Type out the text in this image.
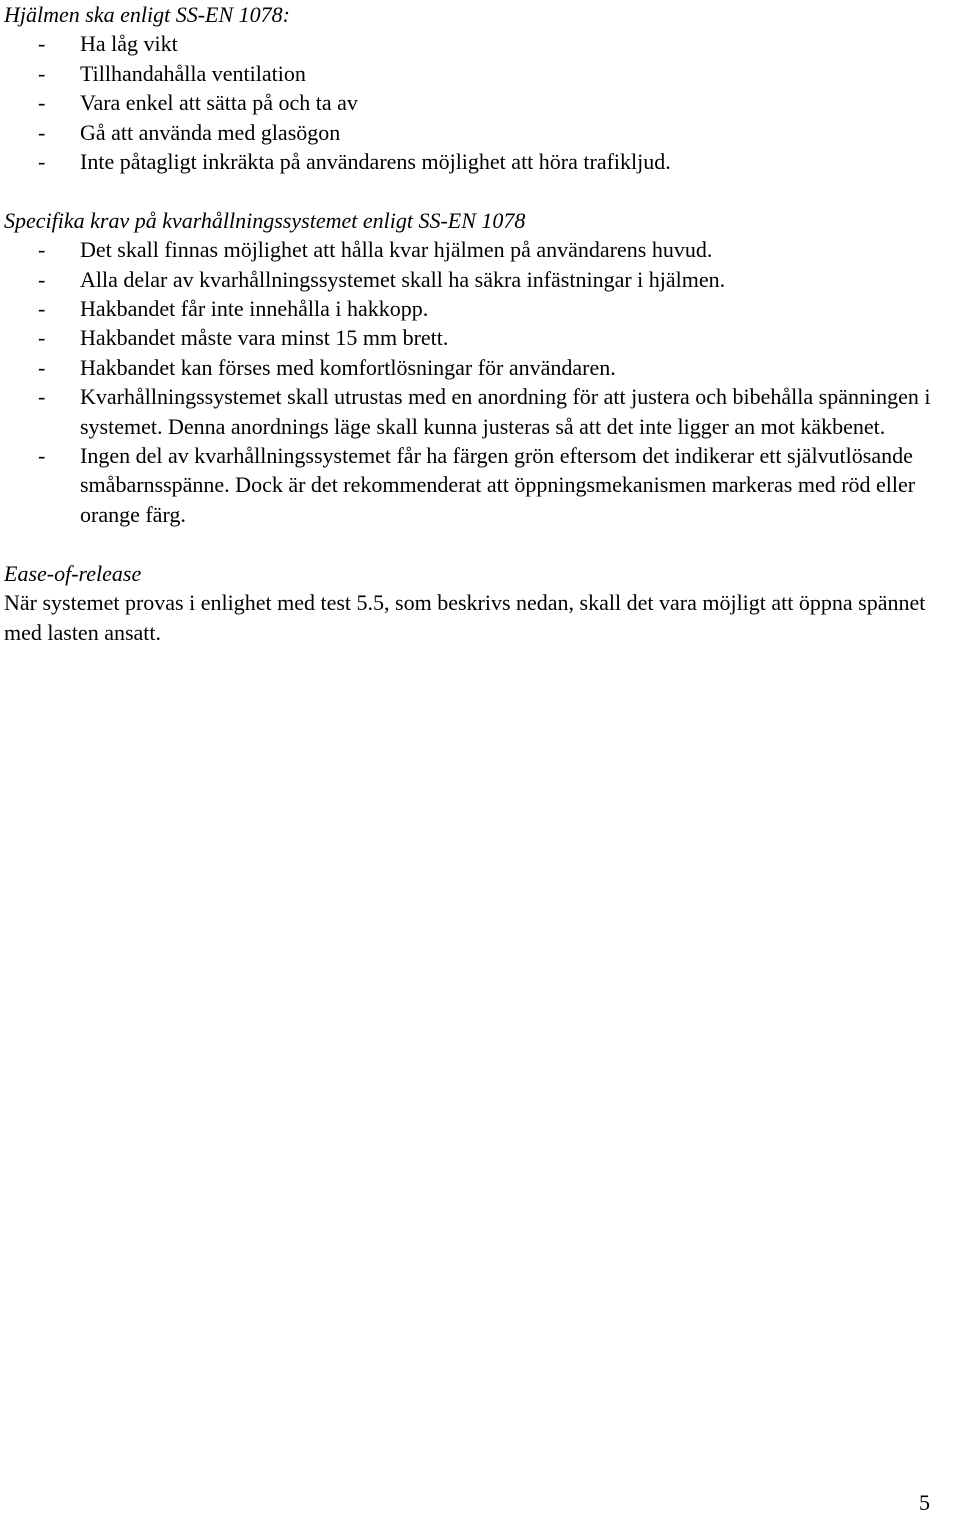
Hjälmen ska enligt SS-EN 1078:

- Ha låg vikt
- Tillhandahålla ventilation
- Vara enkel att sätta på och ta av
- Gå att använda med glasögon
- Inte påtagligt inkräkta på användarens möjlighet att höra trafikljud.

Specifika krav på kvarhållningssystemet enligt SS-EN 1078

- Det skall finnas möjlighet att hålla kvar hjälmen på användarens huvud.
- Alla delar av kvarhållningssystemet skall ha säkra infästningar i hjälmen.
- Hakbandet får inte innehålla i hakkopp.
- Hakbandet måste vara minst 15 mm brett.
- Hakbandet kan förses med komfortlösningar för användaren.
- Kvarhållningssystemet skall utrustas med en anordning för att justera och bibehålla spänningen i systemet. Denna anordnings läge skall kunna justeras så att det inte ligger an mot käkbenet.
- Ingen del av kvarhållningssystemet får ha färgen grön eftersom det indikerar ett självutlösande småbarnsspänne. Dock är det rekommenderat att öppningsmekanismen markeras med röd eller orange färg.

Ease-of-release

När systemet provas i enlighet med test 5.5, som beskrivs nedan, skall det vara möjligt att öppna spännet med lasten ansatt.

5
